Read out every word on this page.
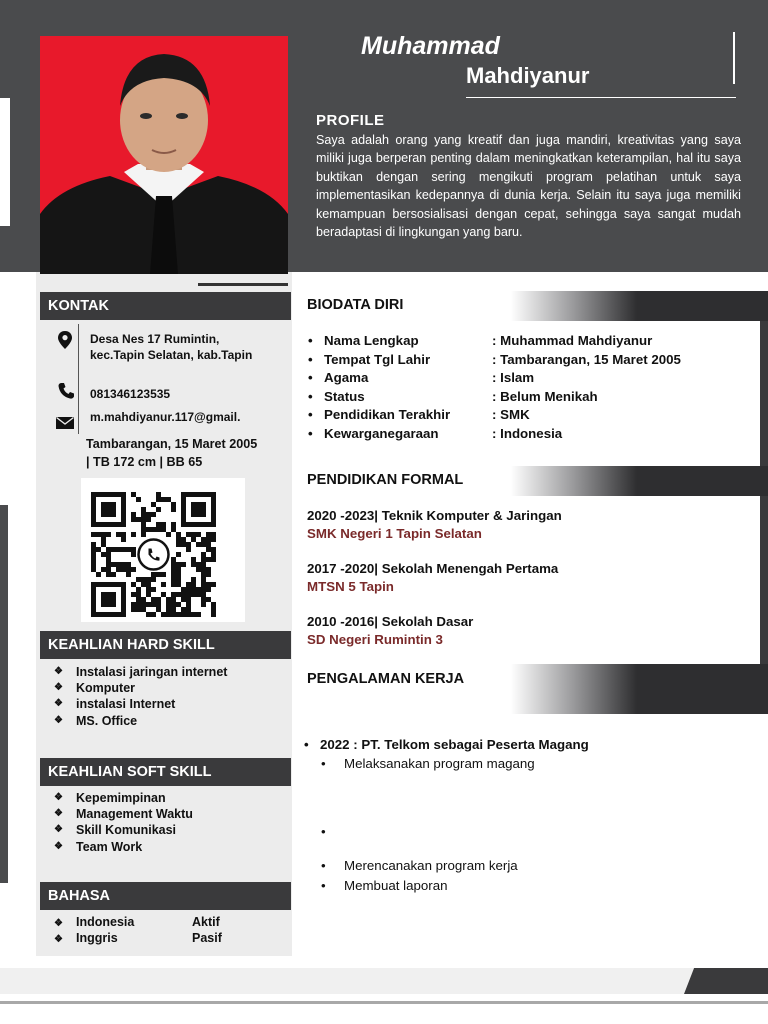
Muhammad
Mahdiyanur
PROFILE
Saya adalah orang yang kreatif dan juga mandiri, kreativitas yang saya miliki juga berperan penting dalam meningkatkan keterampilan, hal itu saya buktikan dengan sering mengikuti program pelatihan untuk saya implementasikan kedepannya di dunia kerja. Selain itu saya juga memiliki kemampuan bersosialisasi dengan cepat, sehingga saya sangat mudah beradaptasi di lingkungan yang baru.
KONTAK
Desa Nes 17 Rumintin,
kec.Tapin Selatan, kab.Tapin
081346123535
m.mahdiyanur.117@gmail.
Tambarangan, 15 Maret 2005
| TB 172 cm | BB 65
KEAHLIAN HARD SKILL
❖ Instalasi jaringan internet
❖ Komputer
❖ instalasi Internet
❖ MS. Office
KEAHLIAN SOFT SKILL
❖ Kepemimpinan
❖ Management Waktu
❖ Skill Komunikasi
❖ Team Work
BAHASA
❖ Indonesia	Aktif
❖ Inggris	Pasif
BIODATA DIRI
• Nama Lengkap	: Muhammad Mahdiyanur
• Tempat Tgl Lahir	: Tambarangan, 15 Maret 2005
• Agama	: Islam
• Status	: Belum Menikah
• Pendidikan Terakhir	: SMK
• Kewarganegaraan	: Indonesia
PENDIDIKAN FORMAL
2020 -2023| Teknik Komputer & Jaringan
SMK Negeri 1 Tapin Selatan
2017 -2020| Sekolah Menengah Pertama
MTSN 5 Tapin
2010 -2016| Sekolah Dasar
SD Negeri Rumintin 3
PENGALAMAN KERJA
• 2022 : PT. Telkom sebagai Peserta Magang
• Melaksanakan program magang
•
• Merencanakan program kerja
• Membuat laporan
